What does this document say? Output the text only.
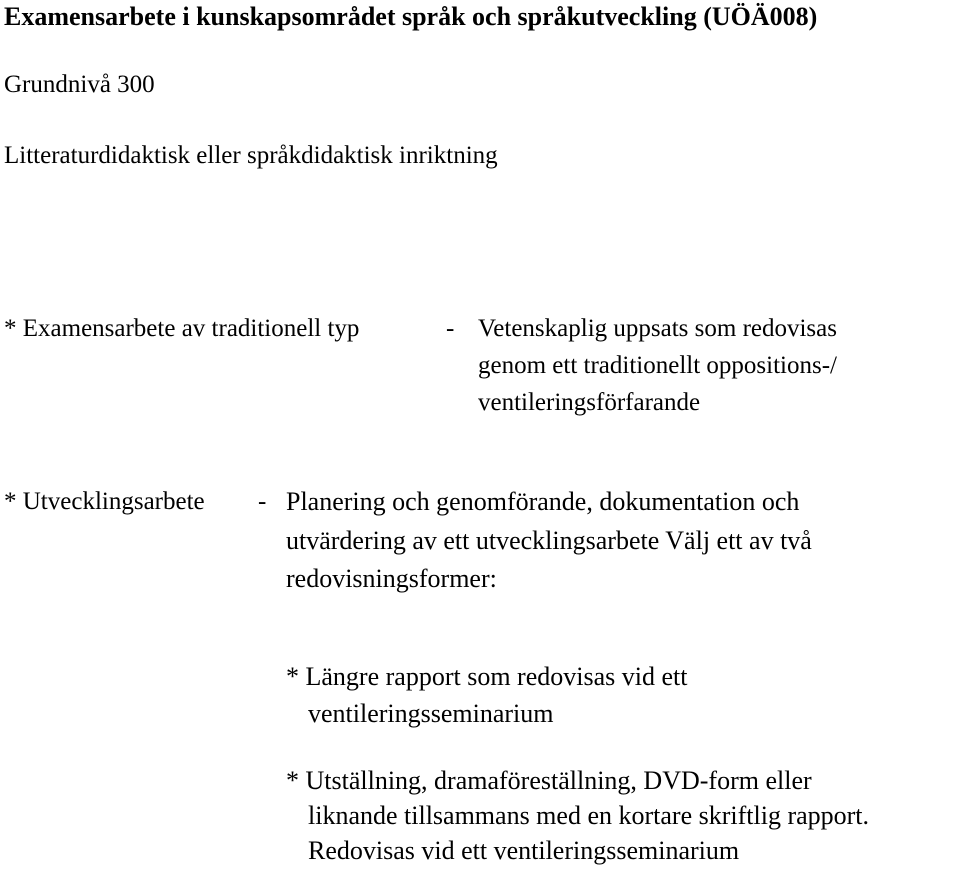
Examensarbete i kunskapsområdet språk och språkutveckling (UÖÄ008)
Grundnivå 300
Litteraturdidaktisk eller språkdidaktisk inriktning
* Examensarbete av traditionell typ	- Vetenskaplig uppsats som redovisas
genom ett traditionellt oppositions-/
ventileringsförfarande
* Utvecklingsarbete - Planering och genomförande, dokumentation och
utvärdering av ett utvecklingsarbete Välj ett av två
redovisningsformer:
* Längre rapport som redovisas vid ett
ventileringsseminarium
* Utställning, dramaföreställning, DVD-form eller
liknande tillsammans med en kortare skriftlig rapport.
Redovisas vid ett ventileringsseminarium
